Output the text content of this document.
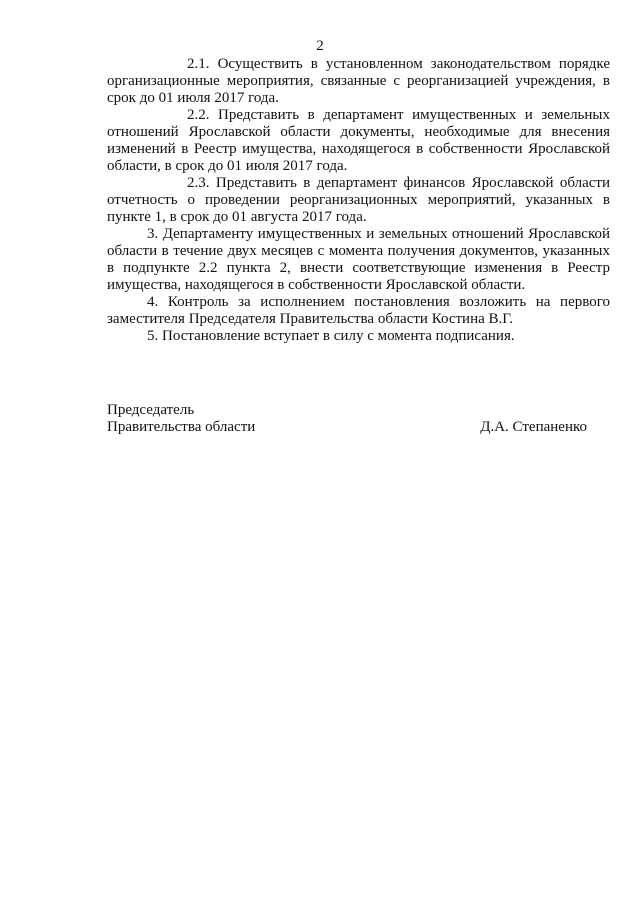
2

2.1. Осуществить в установленном законодательством порядке организационные мероприятия, связанные с реорганизацией учреждения, в срок до 01 июля 2017 года.

2.2. Представить в департамент имущественных и земельных отношений Ярославской области документы, необходимые для внесения изменений в Реестр имущества, находящегося в собственности Ярославской области, в срок до 01 июля 2017 года.

2.3. Представить в департамент финансов Ярославской области отчетность о проведении реорганизационных мероприятий, указанных в пункте 1, в срок до 01 августа 2017 года.

3. Департаменту имущественных и земельных отношений Ярославской области в течение двух месяцев с момента получения документов, указанных в подпункте 2.2 пункта 2, внести соответствующие изменения в Реестр имущества, находящегося в собственности Ярославской области.

4. Контроль за исполнением постановления возложить на первого заместителя Председателя Правительства области Костина В.Г.

5. Постановление вступает в силу с момента подписания.

Председатель
Правительства области	Д.А. Степаненко
